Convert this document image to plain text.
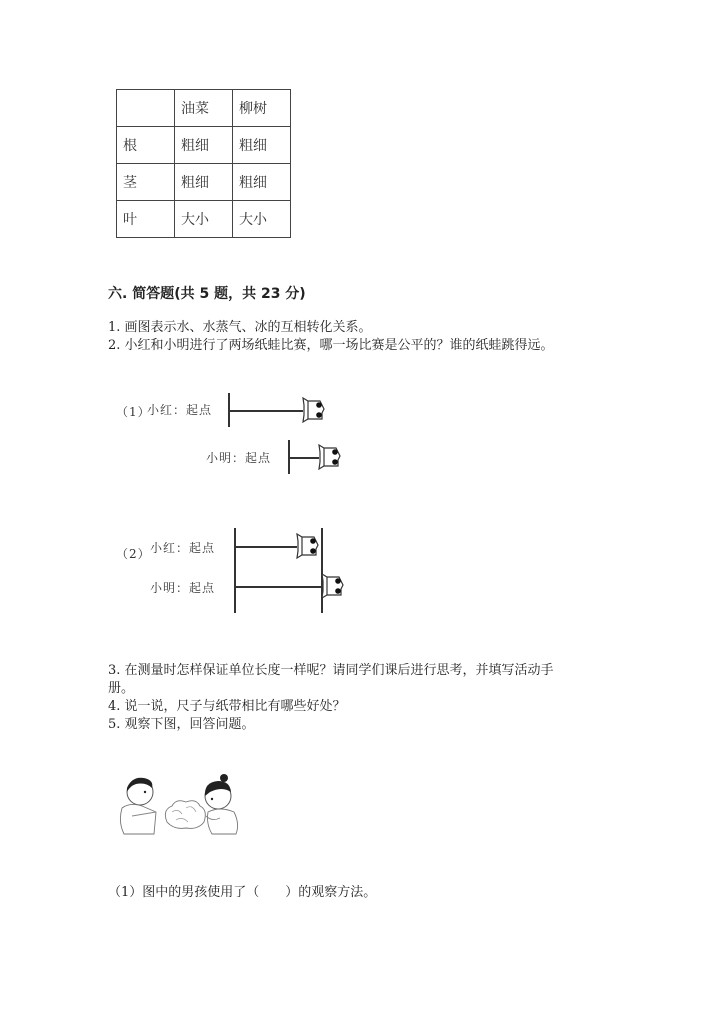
	油菜	柳树
根	粗细	粗细
茎	粗细	粗细
叶	大小	大小
六. 简答题(共 5 题，共 23 分)
1. 画图表示水、水蒸气、冰的互相转化关系。
2. 小红和小明进行了两场纸蛙比赛，哪一场比赛是公平的？谁的纸蛙跳得远。
（1）
小红：起点
小明：起点
（2） 小红：起点
小明：起点
3. 在测量时怎样保证单位长度一样呢？请同学们课后进行思考，并填写活动手
册。
4. 说一说，尺子与纸带相比有哪些好处？
5. 观察下图，回答问题。
（1）图中的男孩使用了（　　）的观察方法。
